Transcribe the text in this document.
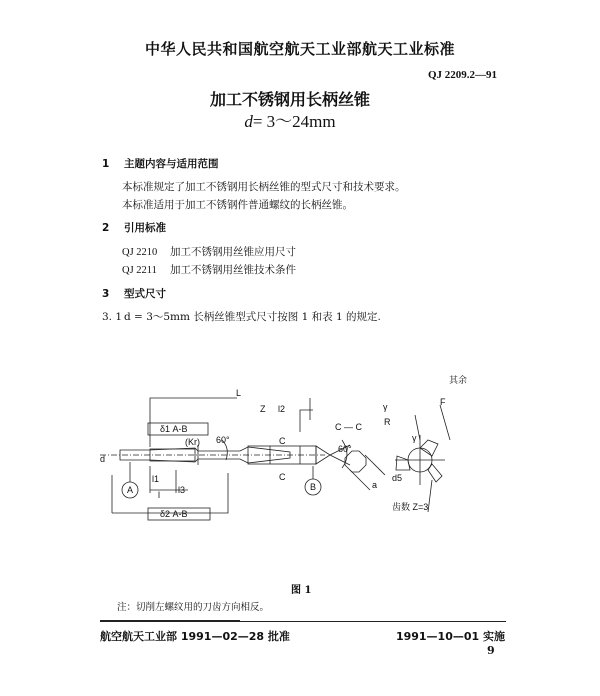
中华人民共和国航空航天工业部航天工业标准
QJ 2209.2—91
加工不锈钢用长柄丝锥
d= 3～24mm
1 主题内容与适用范围
本标准规定了加工不锈钢用长柄丝锥的型式尺寸和技术要求。
本标准适用于加工不锈钢件普通螺纹的长柄丝锥。
2 引用标准
QJ 2210 加工不锈钢用丝锥应用尺寸
QJ 2211 加工不锈钢用丝锥技术条件
3 型式尺寸
3. 1 d = 3～5mm 长柄丝锥型式尺寸按图 1 和表 1 的规定.
L
Z l2
δ1 A-B
δ2 A-B
(Kr) 60°
60°
d
l1
l l3
A	B
C
C
C — C
a
γ
R
γ
F
d5
齿数 Z=3
其余
图 1
注：切削左螺纹用的刀齿方向相反。
航空航天工业部 1991—02—28 批准	1991—10—01 实施
9
